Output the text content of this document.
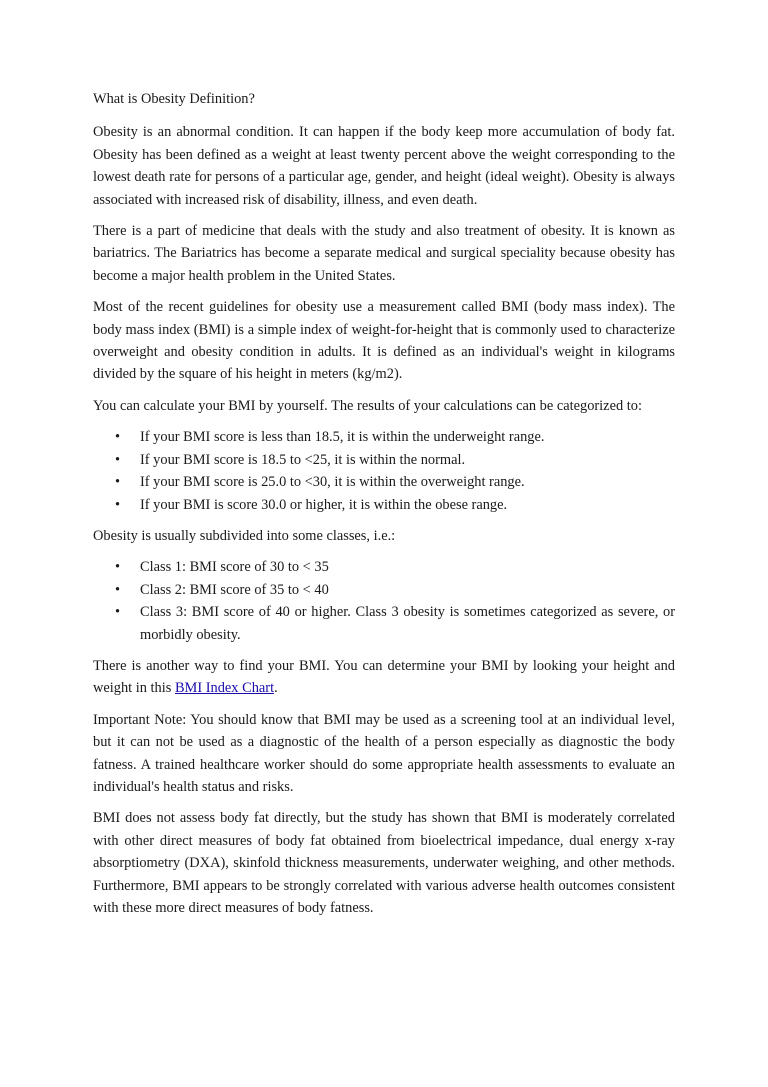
What is Obesity Definition?

Obesity is an abnormal condition. It can happen if the body keep more accumulation of body fat. Obesity has been defined as a weight at least twenty percent above the weight corresponding to the lowest death rate for persons of a particular age, gender, and height (ideal weight). Obesity is always associated with increased risk of disability, illness, and even death.

There is a part of medicine that deals with the study and also treatment of obesity. It is known as bariatrics. The Bariatrics has become a separate medical and surgical speciality because obesity has become a major health problem in the United States.

Most of the recent guidelines for obesity use a measurement called BMI (body mass index). The body mass index (BMI) is a simple index of weight-for-height that is commonly used to characterize overweight and obesity condition in adults. It is defined as an individual's weight in kilograms divided by the square of his height in meters (kg/m2).

You can calculate your BMI by yourself. The results of your calculations can be categorized to:

• If your BMI score is less than 18.5, it is within the underweight range.
• If your BMI score is 18.5 to <25, it is within the normal.
• If your BMI score is 25.0 to <30, it is within the overweight range.
• If your BMI is score 30.0 or higher, it is within the obese range.

Obesity is usually subdivided into some classes, i.e.:

• Class 1: BMI score of 30 to < 35
• Class 2: BMI score of 35 to < 40
• Class 3: BMI score of 40 or higher. Class 3 obesity is sometimes categorized as severe, or morbidly obesity.

There is another way to find your BMI. You can determine your BMI by looking your height and weight in this BMI Index Chart.

Important Note: You should know that BMI may be used as a screening tool at an individual level, but it can not be used as a diagnostic of the health of a person especially as diagnostic the body fatness. A trained healthcare worker should do some appropriate health assessments to evaluate an individual's health status and risks.

BMI does not assess body fat directly, but the study has shown that BMI is moderately correlated with other direct measures of body fat obtained from bioelectrical impedance, dual energy x-ray absorptiometry (DXA), skinfold thickness measurements, underwater weighing, and other methods. Furthermore, BMI appears to be strongly correlated with various adverse health outcomes consistent with these more direct measures of body fatness.
